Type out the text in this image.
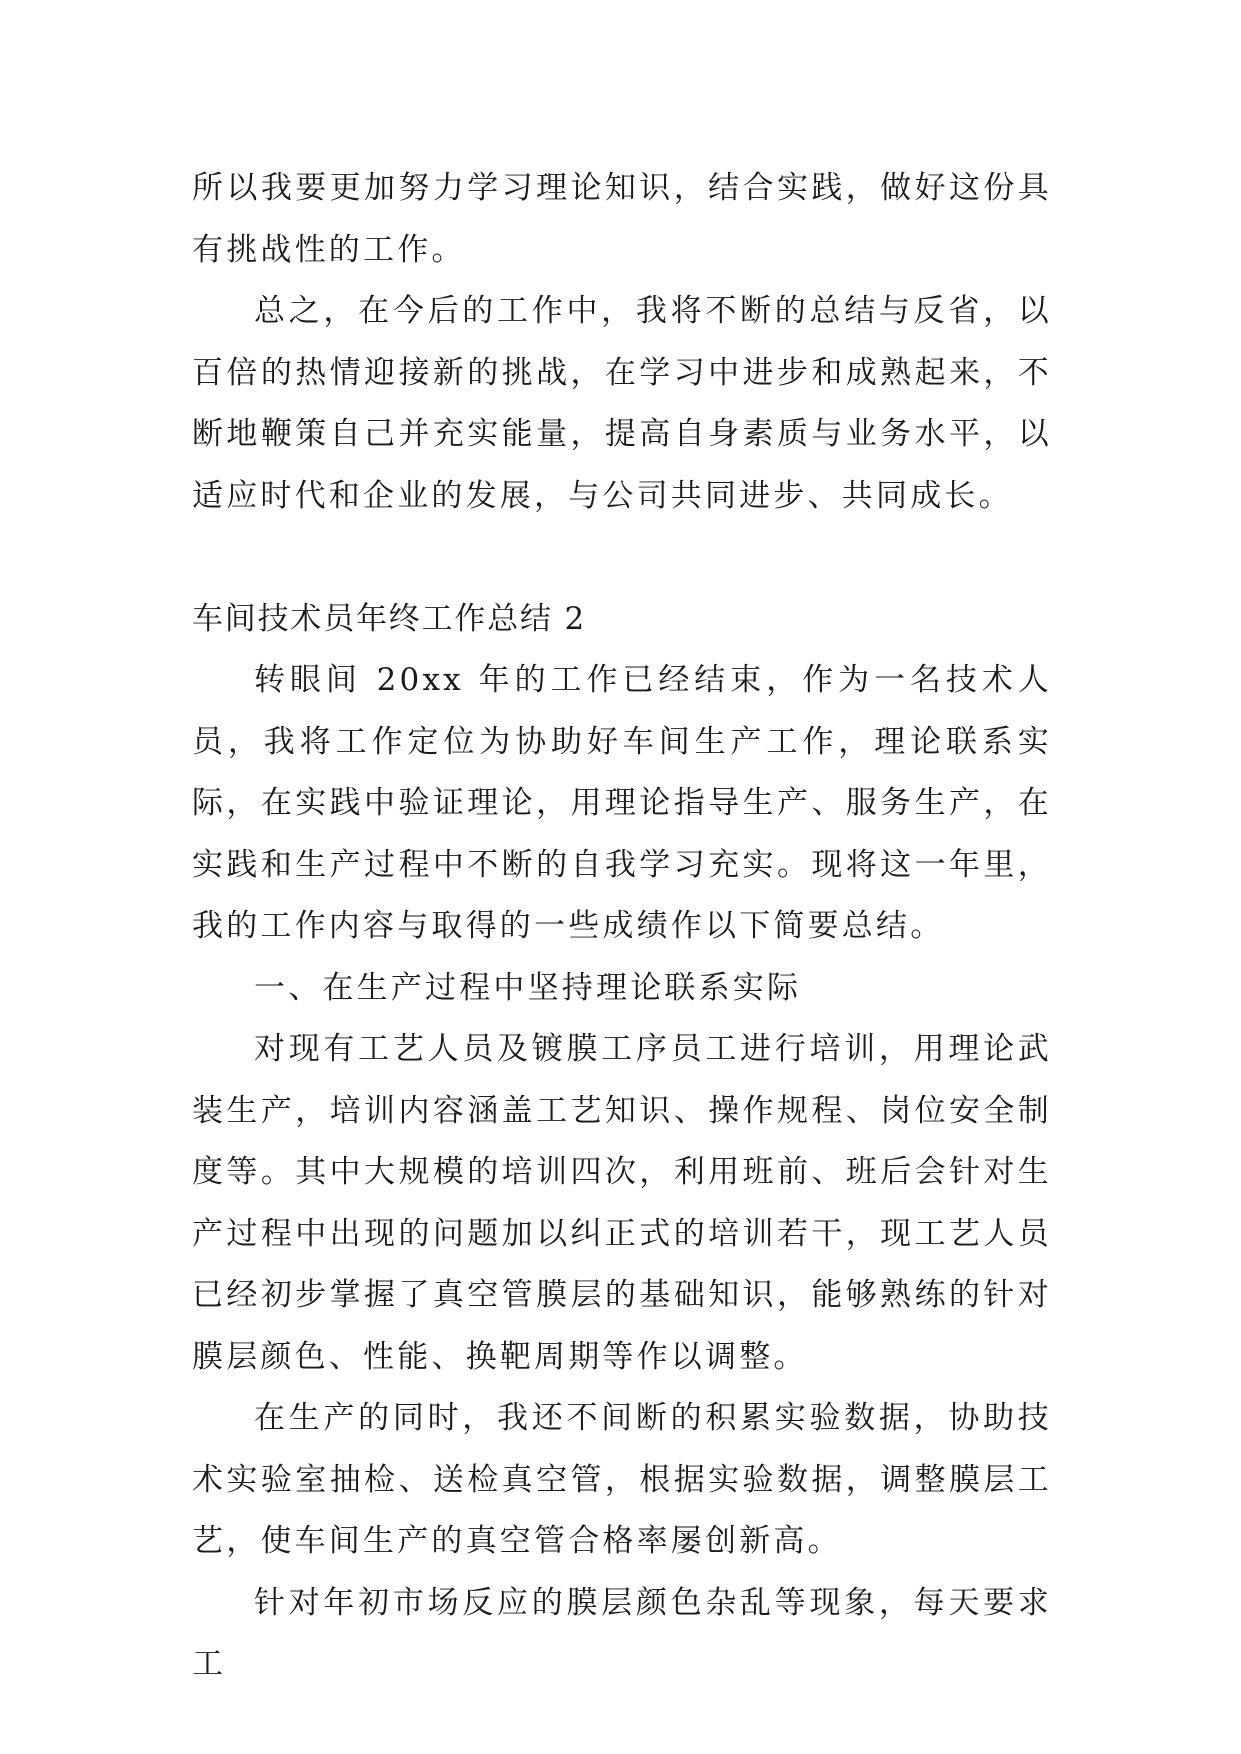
所以我要更加努力学习理论知识，结合实践，做好这份具有挑战性的工作。

总之，在今后的工作中，我将不断的总结与反省，以百倍的热情迎接新的挑战，在学习中进步和成熟起来，不断地鞭策自己并充实能量，提高自身素质与业务水平，以适应时代和企业的发展，与公司共同进步、共同成长。

车间技术员年终工作总结 2

转眼间 20xx 年的工作已经结束，作为一名技术人员，我将工作定位为协助好车间生产工作，理论联系实际，在实践中验证理论，用理论指导生产、服务生产，在实践和生产过程中不断的自我学习充实。现将这一年里，我的工作内容与取得的一些成绩作以下简要总结。

一、在生产过程中坚持理论联系实际

对现有工艺人员及镀膜工序员工进行培训，用理论武装生产，培训内容涵盖工艺知识、操作规程、岗位安全制度等。其中大规模的培训四次，利用班前、班后会针对生产过程中出现的问题加以纠正式的培训若干，现工艺人员已经初步掌握了真空管膜层的基础知识，能够熟练的针对膜层颜色、性能、换靶周期等作以调整。

在生产的同时，我还不间断的积累实验数据，协助技术实验室抽检、送检真空管，根据实验数据，调整膜层工艺，使车间生产的真空管合格率屡创新高。

针对年初市场反应的膜层颜色杂乱等现象，每天要求工
